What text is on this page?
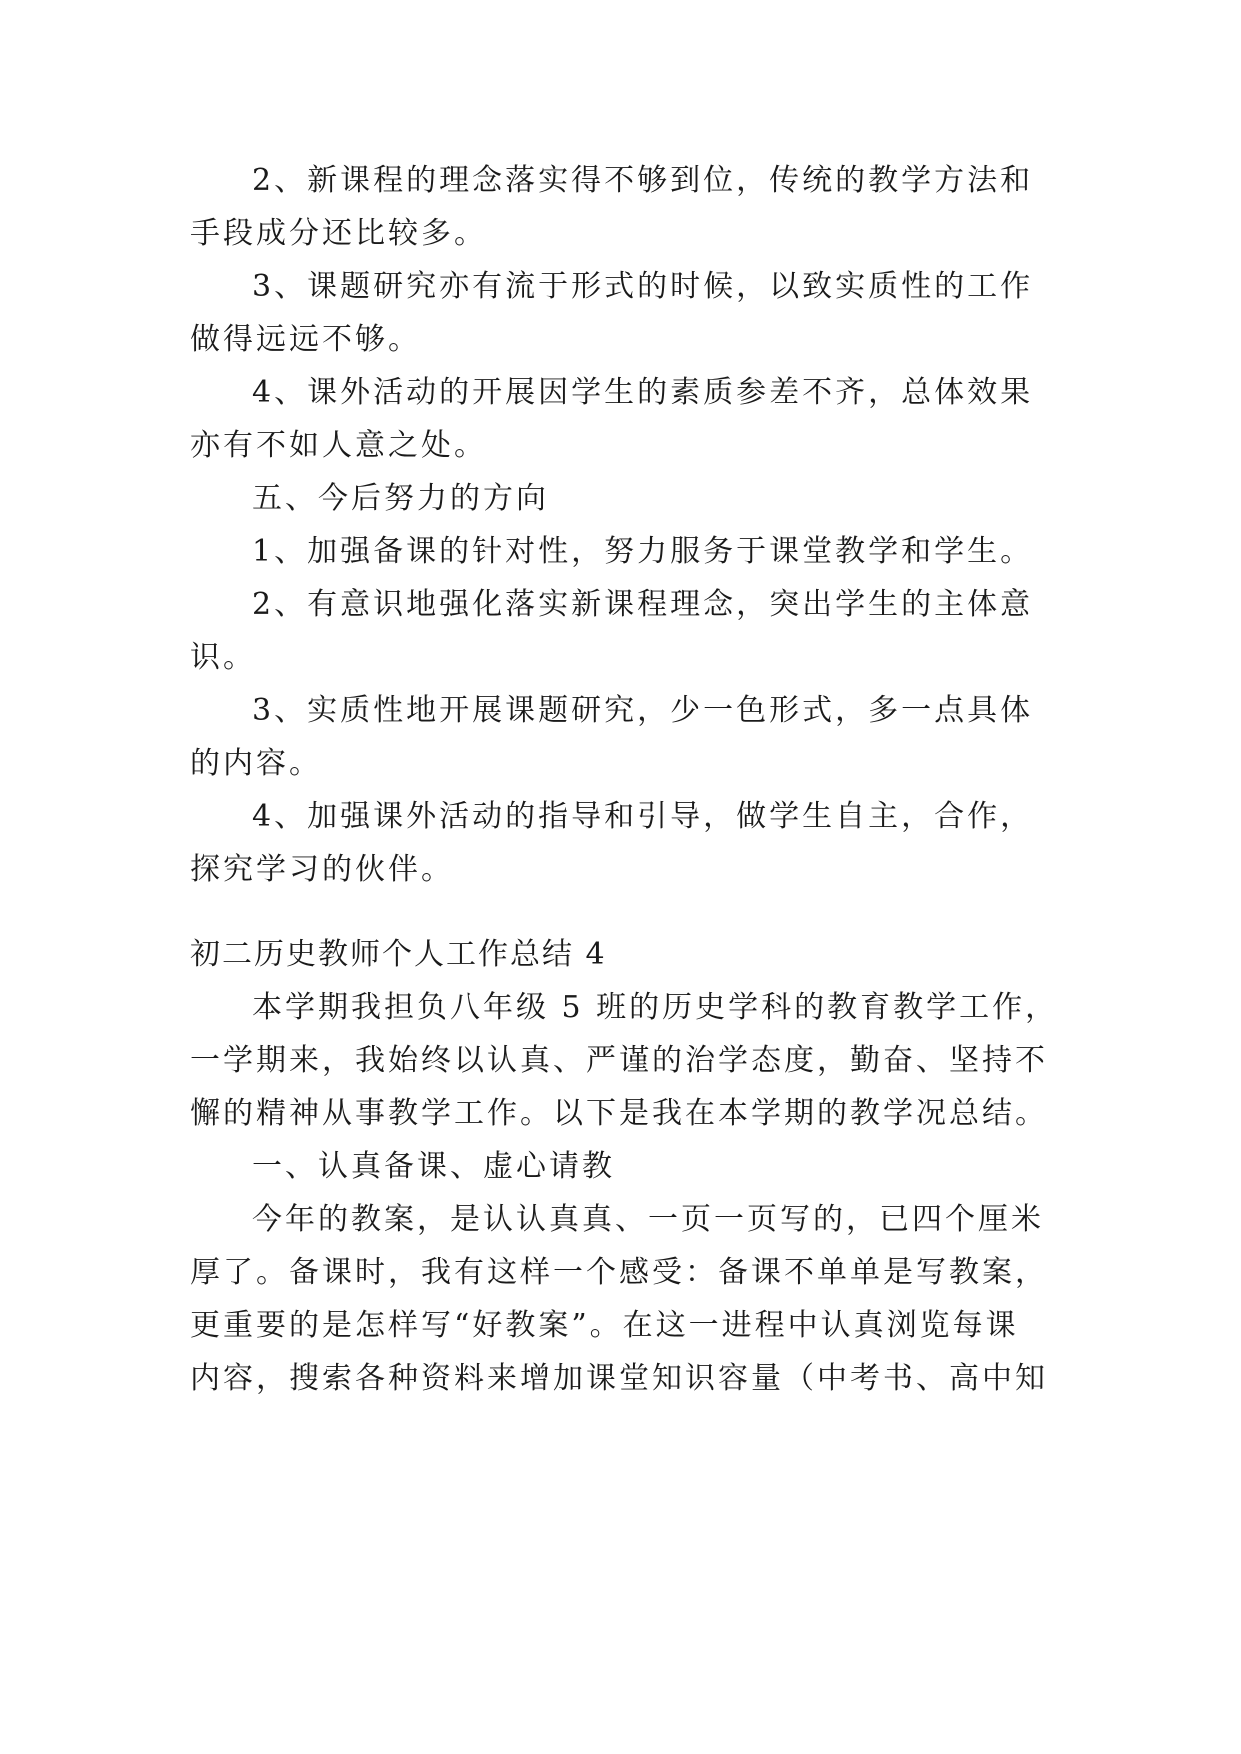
2、新课程的理念落实得不够到位，传统的教学方法和
手段成分还比较多。
3、课题研究亦有流于形式的时候，以致实质性的工作
做得远远不够。
4、课外活动的开展因学生的素质参差不齐，总体效果
亦有不如人意之处。
五、今后努力的方向
1、加强备课的针对性，努力服务于课堂教学和学生。
2、有意识地强化落实新课程理念，突出学生的主体意
识。
3、实质性地开展课题研究，少一色形式，多一点具体
的内容。
4、加强课外活动的指导和引导，做学生自主，合作，
探究学习的伙伴。
初二历史教师个人工作总结 4
本学期我担负八年级 5 班的历史学科的教育教学工作，
一学期来，我始终以认真、严谨的治学态度，勤奋、坚持不
懈的精神从事教学工作。以下是我在本学期的教学况总结。
一、认真备课、虚心请教
今年的教案，是认认真真、一页一页写的，已四个厘米
厚了。备课时，我有这样一个感受：备课不单单是写教案，
更重要的是怎样写“好教案”。在这一进程中认真浏览每课
内容，搜索各种资料来增加课堂知识容量（中考书、高中知
